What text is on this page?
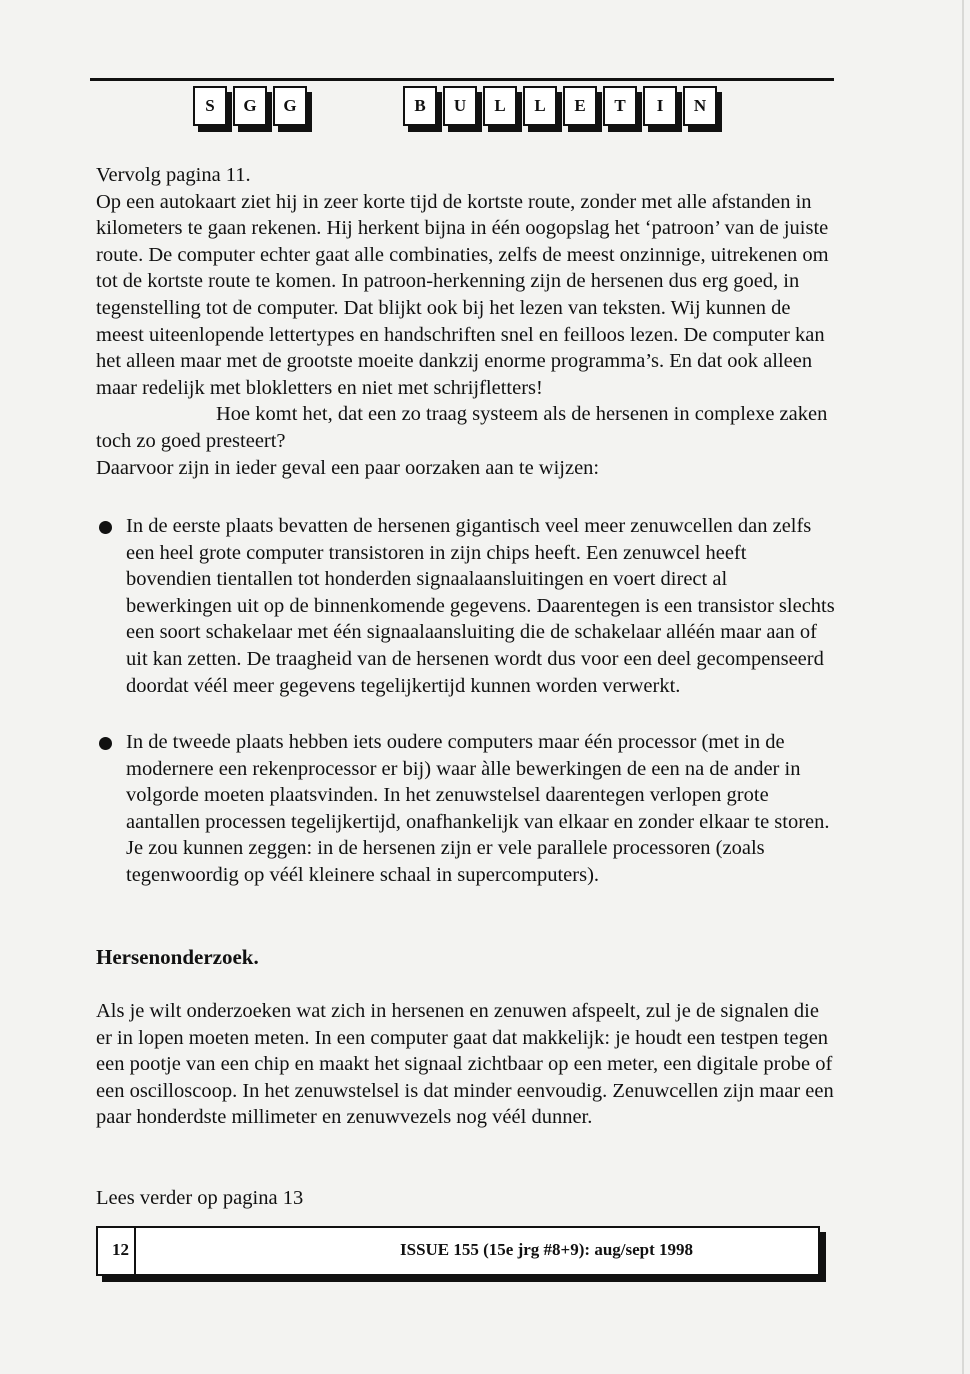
S	G	G	B	U	L	L	E	T	I	N

Vervolg pagina 11.

Op een autokaart ziet hij in zeer korte tijd de kortste route, zonder met alle afstanden in kilometers te gaan rekenen. Hij herkent bijna in één oogopslag het ‘patroon’ van de juiste route. De computer echter gaat alle combinaties, zelfs de meest onzinnige, uitrekenen om tot de kortste route te komen. In patroon-herkenning zijn de hersenen dus erg goed, in tegenstelling tot de computer. Dat blijkt ook bij het lezen van teksten. Wij kunnen de meest uiteenlopende lettertypes en handschriften snel en feilloos lezen. De computer kan het alleen maar met de grootste moeite dankzij enorme programma’s. En dat ook alleen maar redelijk met blokletters en niet met schrijfletters!

Hoe komt het, dat een zo traag systeem als de hersenen in complexe zaken toch zo goed presteert?

Daarvoor zijn in ieder geval een paar oorzaken aan te wijzen:

In de eerste plaats bevatten de hersenen gigantisch veel meer zenuwcellen dan zelfs een heel grote computer transistoren in zijn chips heeft. Een zenuwcel heeft bovendien tientallen tot honderden signaalaansluitingen en voert direct al bewerkingen uit op de binnenkomende gegevens. Daarentegen is een transistor slechts een soort schakelaar met één signaalaansluiting die de schakelaar alléén maar aan of uit kan zetten. De traagheid van de hersenen wordt dus voor een deel gecompenseerd doordat véél meer gegevens tegelijkertijd kunnen worden verwerkt.
In de tweede plaats hebben iets oudere computers maar één processor (met in de modernere een rekenprocessor er bij) waar àlle bewerkingen de een na de ander in volgorde moeten plaatsvinden. In het zenuwstelsel daarentegen verlopen grote aantallen processen tegelijkertijd, onafhankelijk van elkaar en zonder elkaar te storen. Je zou kunnen zeggen: in de hersenen zijn er vele parallele processoren (zoals tegenwoordig op véél kleinere schaal in supercomputers).
Hersenonderzoek.

Als je wilt onderzoeken wat zich in hersenen en zenuwen afspeelt, zul je de signalen die er in lopen moeten meten. In een computer gaat dat makkelijk: je houdt een testpen tegen een pootje van een chip en maakt het signaal zichtbaar op een meter, een digitale probe of een oscilloscoop. In het zenuwstelsel is dat minder eenvoudig. Zenuwcellen zijn maar een paar honderdste millimeter en zenuwvezels nog véél dunner.

Lees verder op pagina 13

12	ISSUE 155 (15e jrg #8+9): aug/sept 1998
